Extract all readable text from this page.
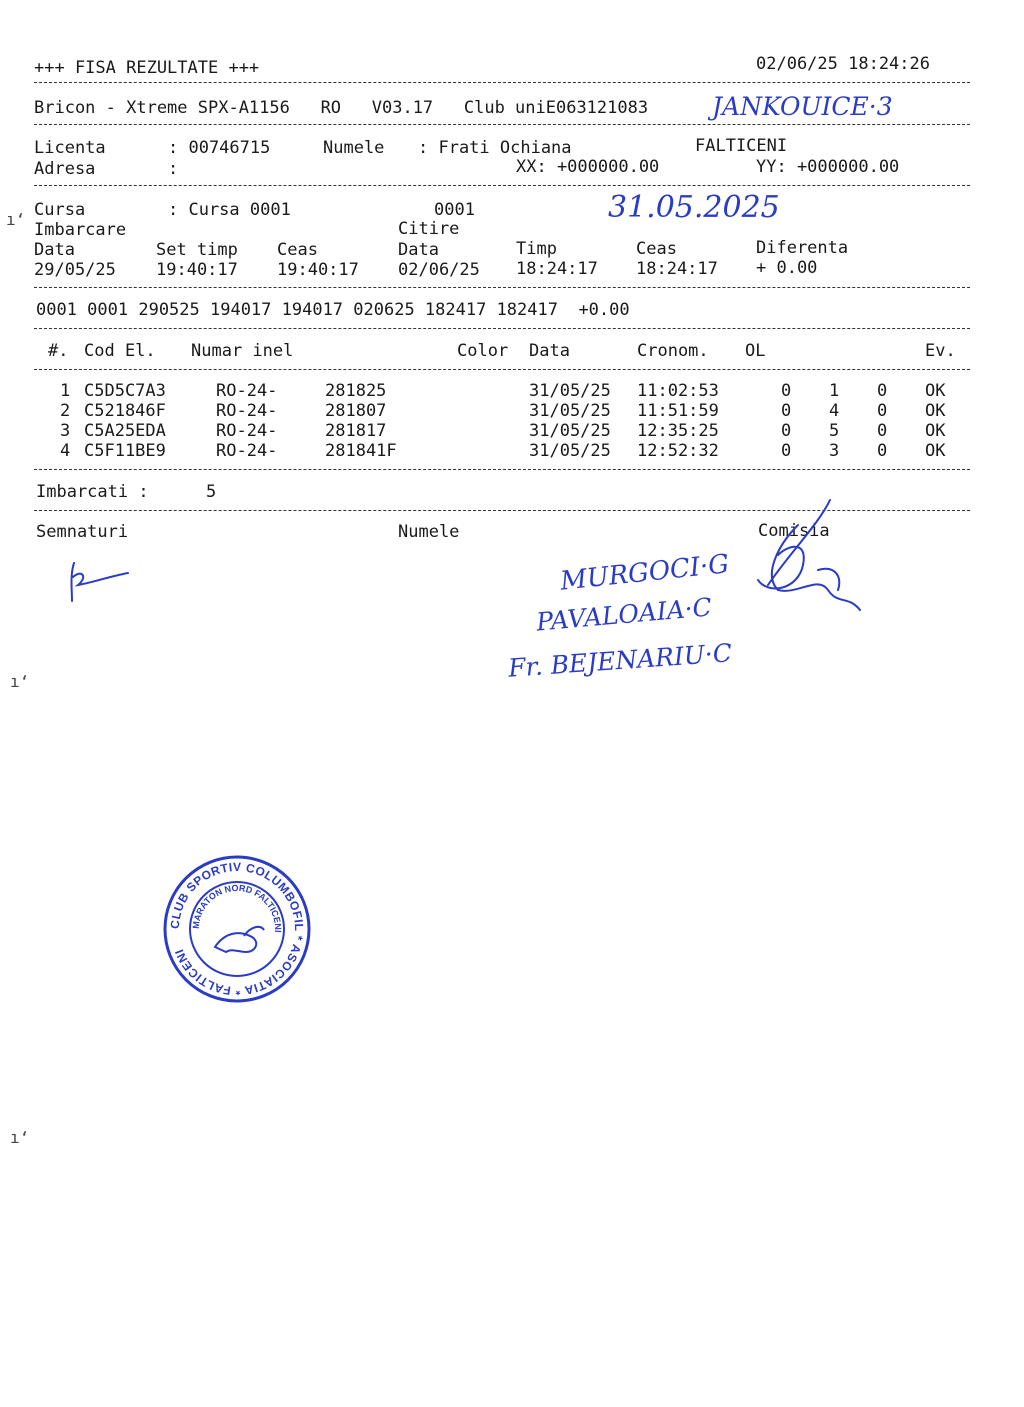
+++ FISA REZULTATE +++	02/06/25 18:24:26
Bricon - Xtreme SPX-A1156   RO   V03.17   Club uniE063121083	JANKOUICE·3
Licenta	: 00746715	Numele : Frati Ochiana	FALTICENI
Adresa	:	XX: +000000.00	YY: +000000.00
ı‘ Cursa	: Cursa 0001	0001	31.05.2025
Imbarcare	Citire
Data	Set timp Ceas	Data	Timp	Ceas	Diferenta
29/05/25 19:40:17 19:40:17 02/06/25 18:24:17 18:24:17 + 0.00
0001 0001 290525 194017 194017 020625 182417 182417  +0.00
#. Cod El. Numar inel	Color Data	Cronom. OL	Ev.
1 C5D5C7A3	RO-24-	281825	31/05/25 11:02:53	0 1 0 OK
2 C521846F	RO-24-	281807	31/05/25 11:51:59	0 4 0 OK
3 C5A25EDA	RO-24-	281817	31/05/25 12:35:25	0 5 0 OK
4 C5F11BE9	RO-24-	281841F	31/05/25 12:52:32	0 3 0 OK
Imbarcati :	5
Semnaturi	Numele	Comisia
MURGOCI·G
PAVALOAIA·C
Fr. BEJENARIU·C
ı‘
ı‘
CLUB SPORTIV COLUMBOFIL * ASOCIATIA * FALTICENI
MARATON NORD FALTICENI
